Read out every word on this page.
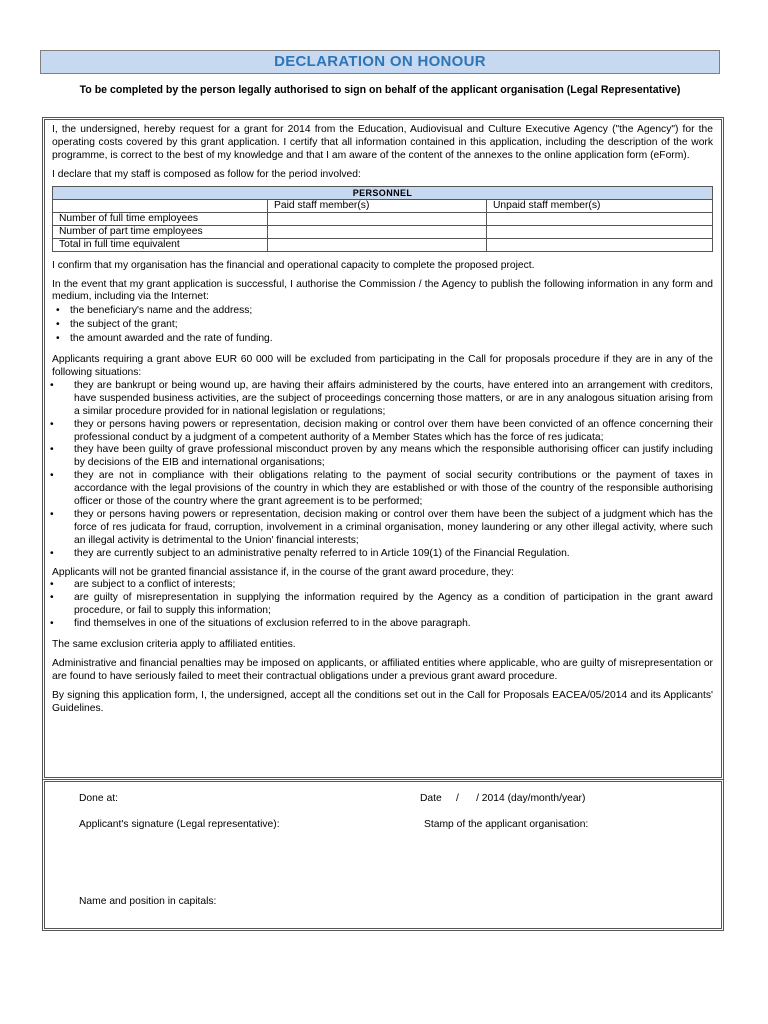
DECLARATION ON HONOUR
To be completed by the person legally authorised to sign on behalf of the applicant organisation (Legal Representative)

I, the undersigned, hereby request for a grant for 2014 from the Education, Audiovisual and Culture Executive Agency ("the Agency") for the operating costs covered by this grant application. I certify that all information contained in this application, including the description of the work programme, is correct to the best of my knowledge and that I am aware of the content of the annexes to the online application form (eForm).

I declare that my staff is composed as follow for the period involved:

PERSONNEL		
	Paid staff member(s)	Unpaid staff member(s)
Number of full time employees		
Number of part time employees		
Total in full time equivalent		

I confirm that my organisation has the financial and operational capacity to complete the proposed project.

In the event that my grant application is successful, I authorise the Commission / the Agency to publish the following information in any form and medium, including via the Internet:

• the beneficiary's name and the address;
• the subject of the grant;
• the amount awarded and the rate of funding.

Applicants requiring a grant above EUR 60 000 will be excluded from participating in the Call for proposals procedure if they are in any of the following situations:

• they are bankrupt or being wound up, are having their affairs administered by the courts, have entered into an arrangement with creditors, have suspended business activities, are the subject of proceedings concerning those matters, or are in any analogous situation arising from a similar procedure provided for in national legislation or regulations;
• they or persons having powers or representation, decision making or control over them have been convicted of an offence concerning their professional conduct by a judgment of a competent authority of a Member States which has the force of res judicata;
• they have been guilty of grave professional misconduct proven by any means which the responsible authorising officer can justify including by decisions of the EIB and international organisations;
• they are not in compliance with their obligations relating to the payment of social security contributions or the payment of taxes in accordance with the legal provisions of the country in which they are established or with those of the country of the responsible authorising officer or those of the country where the grant agreement is to be performed;
• they or persons having powers or representation, decision making or control over them have been the subject of a judgment which has the force of res judicata for fraud, corruption, involvement in a criminal organisation, money laundering or any other illegal activity, where such an illegal activity is detrimental to the Union' financial interests;
• they are currently subject to an administrative penalty referred to in Article 109(1) of the Financial Regulation.

Applicants will not be granted financial assistance if, in the course of the grant award procedure, they:

• are subject to a conflict of interests;
• are guilty of misrepresentation in supplying the information required by the Agency as a condition of participation in the grant award procedure, or fail to supply this information;
• find themselves in one of the situations of exclusion referred to in the above paragraph.

The same exclusion criteria apply to affiliated entities.

Administrative and financial penalties may be imposed on applicants, or affiliated entities where applicable, who are guilty of misrepresentation or are found to have seriously failed to meet their contractual obligations under a previous grant award procedure.

By signing this application form, I, the undersigned, accept all the conditions set out in the Call for Proposals EACEA/05/2014 and its Applicants' Guidelines.

Done at:	Date     /      / 2014 (day/month/year)
Applicant's signature (Legal representative):	Stamp of the applicant organisation:
Name and position in capitals:
